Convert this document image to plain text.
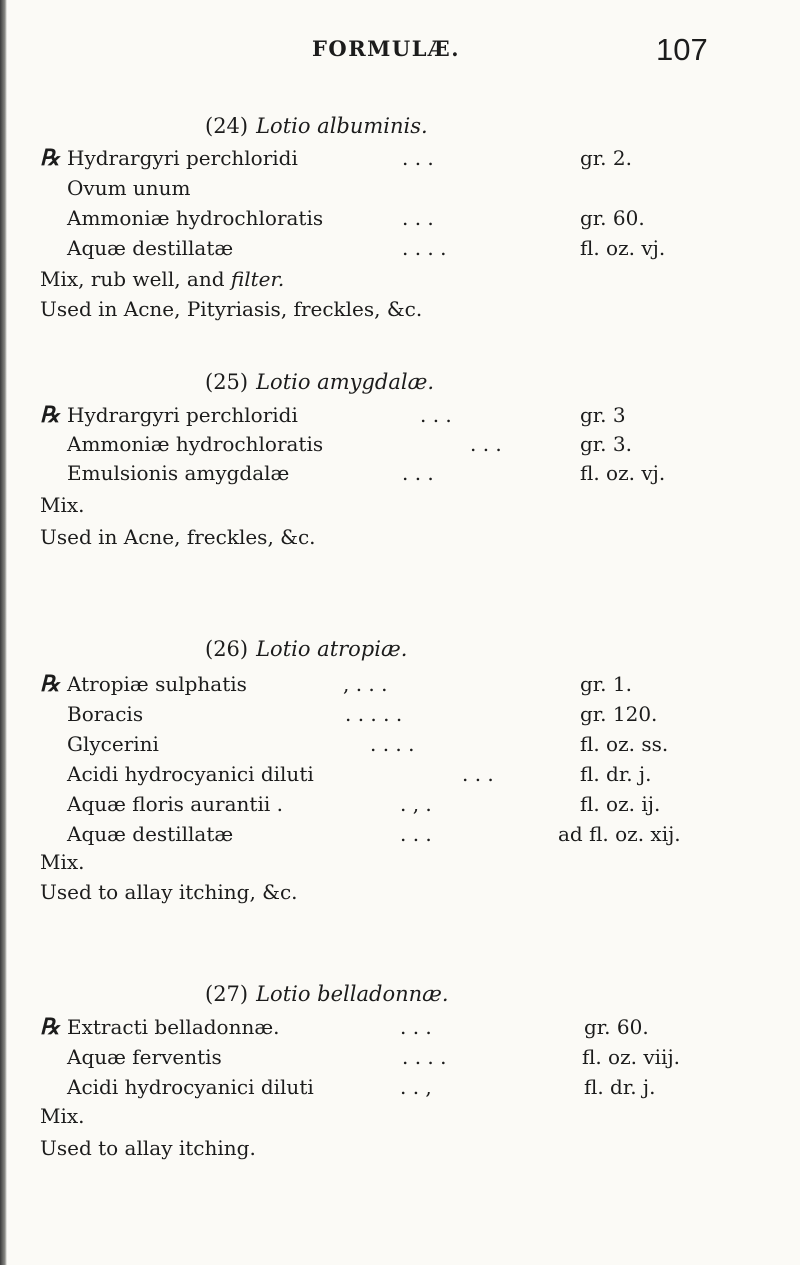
FORMULÆ.	107
(24) Lotio albuminis.
℞ Hydrargyri perchloridi	. . .	gr. 2.
Ovum unum
Ammoniæ hydrochloratis	. . .	gr. 60.
Aquæ destillatæ	. . . .	fl. oz. vj.
Mix, rub well, and filter.
Used in Acne, Pityriasis, freckles, &c.
(25) Lotio amygdalæ.
℞ Hydrargyri perchloridi	. . .	gr. 3
Ammoniæ hydrochloratis	. . .	gr. 3.
Emulsionis amygdalæ	. . .	fl. oz. vj.
Mix.
Used in Acne, freckles, &c.
(26) Lotio atropiæ.
℞ Atropiæ sulphatis	, . . .	gr. 1.
Boracis	. . . . .	gr. 120.
Glycerini	. . . .	fl. oz. ss.
Acidi hydrocyanici diluti	. . .	fl. dr. j.
Aquæ floris aurantii .	. , .	fl. oz. ij.
Aquæ destillatæ	. . .	ad fl. oz. xij.
Mix.
Used to allay itching, &c.
(27) Lotio belladonnæ.
℞ Extracti belladonnæ.	. . .	gr. 60.
Aquæ ferventis	. . . .	fl. oz. viij.
Acidi hydrocyanici diluti	. . ,	fl. dr. j.
Mix.
Used to allay itching.
